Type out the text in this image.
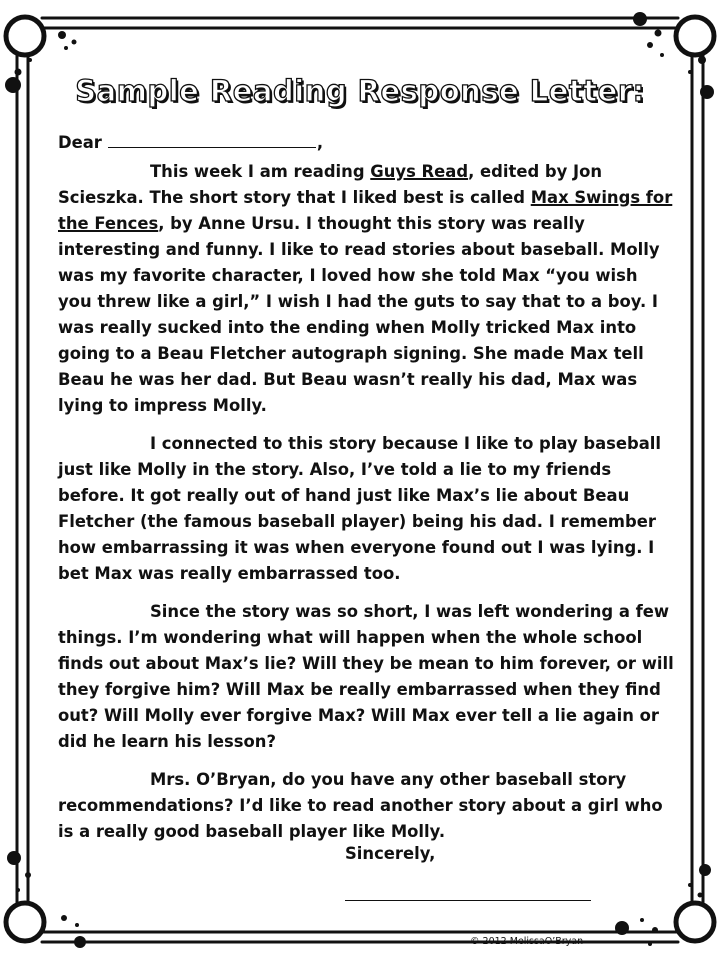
Sample Reading Response Letter:

Dear	,

This week I am reading Guys Read, edited by Jon Scieszka. The short story that I liked best is called Max Swings for the Fences, by Anne Ursu. I thought this story was really interesting and funny. I like to read stories about baseball. Molly was my favorite character, I loved how she told Max “you wish you threw like a girl,” I wish I had the guts to say that to a boy. I was really sucked into the ending when Molly tricked Max into going to a Beau Fletcher autograph signing. She made Max tell Beau he was her dad. But Beau wasn’t really his dad, Max was lying to impress Molly.

I connected to this story because I like to play baseball just like Molly in the story. Also, I’ve told a lie to my friends before. It got really out of hand just like Max’s lie about Beau Fletcher (the famous baseball player) being his dad. I remember how embarrassing it was when everyone found out I was lying. I bet Max was really embarrassed too.

Since the story was so short, I was left wondering a few things. I’m wondering what will happen when the whole school finds out about Max’s lie? Will they be mean to him forever, or will they forgive him? Will Max be really embarrassed when they find out? Will Molly ever forgive Max? Will Max ever tell a lie again or did he learn his lesson?

Mrs. O’Bryan, do you have any other baseball story recommendations? I’d like to read another story about a girl who is a really good baseball player like Molly.

Sincerely,
© 2012 MelissaO’Bryan
